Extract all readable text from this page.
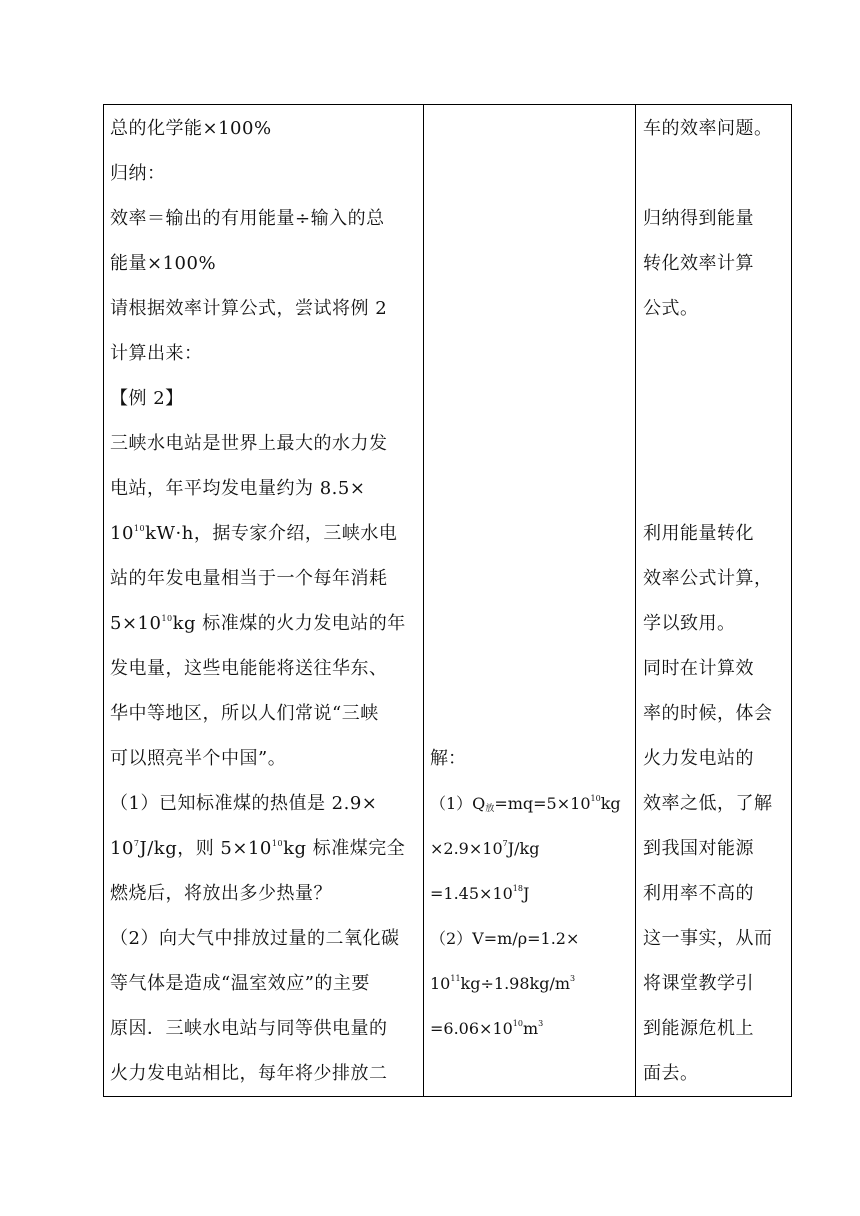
总的化学能×100%
归纳：
效率＝输出的有用能量÷输入的总
能量×100%
请根据效率计算公式，尝试将例 2
计算出来：
【例 2】
三峡水电站是世界上最大的水力发
电站，年平均发电量约为 8.5×
$10^{10}kW\cdot h$，据专家介绍，三峡水电
站的年发电量相当于一个每年消耗
$5\times 10^{10}kg$ 标准煤的火力发电站的年
发电量，这些电能能将送往华东、
华中等地区，所以人们常说“三峡
可以照亮半个中国”。
（1）已知标准煤的热值是 2.9×
$10^7J/kg$，则 $5\times 10^{10}kg$ 标准煤完全
燃烧后，将放出多少热量？
（2）向大气中排放过量的二氧化碳
等气体是造成“温室效应”的主要
原因．三峡水电站与同等供电量的
火力发电站相比，每年将少排放二
解：
$(1)Q_放=mq=5\times 10^{10}kg$
$\times 2.9\times 10^7J/kg$
$=1.45\times 10^{18}J$
（2）V=m/ρ=1.2×
$10^{11}kg\div 1.98kg/m^3$
$=6.06\times 10^{10}m^3$
车的效率问题。
归纳得到能量
转化效率计算
公式。
利用能量转化
效率公式计算，
学以致用。
同时在计算效
率的时候，体会
火力发电站的
效率之低，了解
到我国对能源
利用率不高的
这一事实，从而
将课堂教学引
到能源危机上
面去。
